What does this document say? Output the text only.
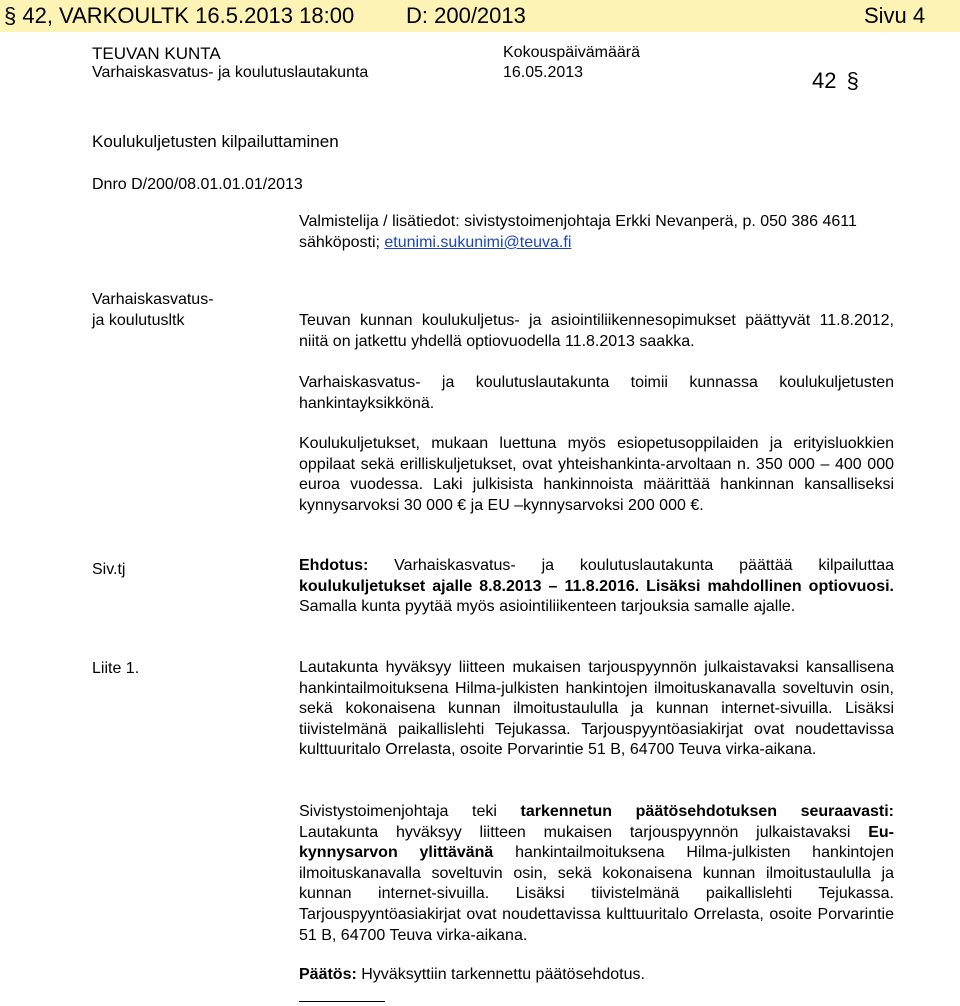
§ 42, VARKOULTK 16.5.2013 18:00 D: 200/2013	Sivu 4
TEUVAN KUNTA
Varhaiskasvatus- ja koulutuslautakunta
Kokouspäivämäärä
16.05.2013	42 §
Koulukuljetusten kilpailuttaminen
Dnro D/200/08.01.01.01/2013
Valmistelija / lisätiedot: sivistystoimenjohtaja Erkki Nevanperä, p. 050 386 4611
sähköposti; etunimi.sukunimi@teuva.fi
Varhaiskasvatus-
ja koulutusltk
Siv.tj
Liite 1.

Teuvan kunnan koulukuljetus- ja asiointiliikennesopimukset päättyvät 11.8.2012, niitä on jatkettu yhdellä optiovuodella 11.8.2013 saakka.

Varhaiskasvatus- ja koulutuslautakunta toimii kunnassa koulukuljetusten hankintayksikkönä.

Koulukuljetukset, mukaan luettuna myös esiopetusoppilaiden ja erityisluokkien oppilaat sekä erilliskuljetukset, ovat yhteishankinta-arvoltaan n. 350 000 – 400 000 euroa vuodessa. Laki julkisista hankinnoista määrittää hankinnan kansalliseksi kynnysarvoksi 30 000 € ja EU –kynnysarvoksi 200 000 €.

Ehdotus: Varhaiskasvatus- ja koulutuslautakunta päättää kilpailuttaa koulukuljetukset ajalle 8.8.2013 – 11.8.2016. Lisäksi mahdollinen optiovuosi. Samalla kunta pyytää myös asiointiliikenteen tarjouksia samalle ajalle.

Lautakunta hyväksyy liitteen mukaisen tarjouspyynnön julkaistavaksi kansallisena hankintailmoituksena Hilma-julkisten hankintojen ilmoituskanavalla soveltuvin osin, sekä kokonaisena kunnan ilmoitustaululla ja kunnan internet-sivuilla. Lisäksi tiivistelmänä paikallislehti Tejukassa. Tarjouspyyntöasiakirjat ovat noudettavissa kulttuuritalo Orrelasta, osoite Porvarintie 51 B, 64700 Teuva virka-aikana.

Sivistystoimenjohtaja teki tarkennetun päätösehdotuksen seuraavasti: Lautakunta hyväksyy liitteen mukaisen tarjouspyynnön julkaistavaksi Eu-kynnysarvon ylittävänä hankintailmoituksena Hilma-julkisten hankintojen ilmoituskanavalla soveltuvin osin, sekä kokonaisena kunnan ilmoitustaululla ja kunnan internet-sivuilla. Lisäksi tiivistelmänä paikallislehti Tejukassa. Tarjouspyyntöasiakirjat ovat noudettavissa kulttuuritalo Orrelasta, osoite Porvarintie 51 B, 64700 Teuva virka-aikana.

Päätös: Hyväksyttiin tarkennettu päätösehdotus.
